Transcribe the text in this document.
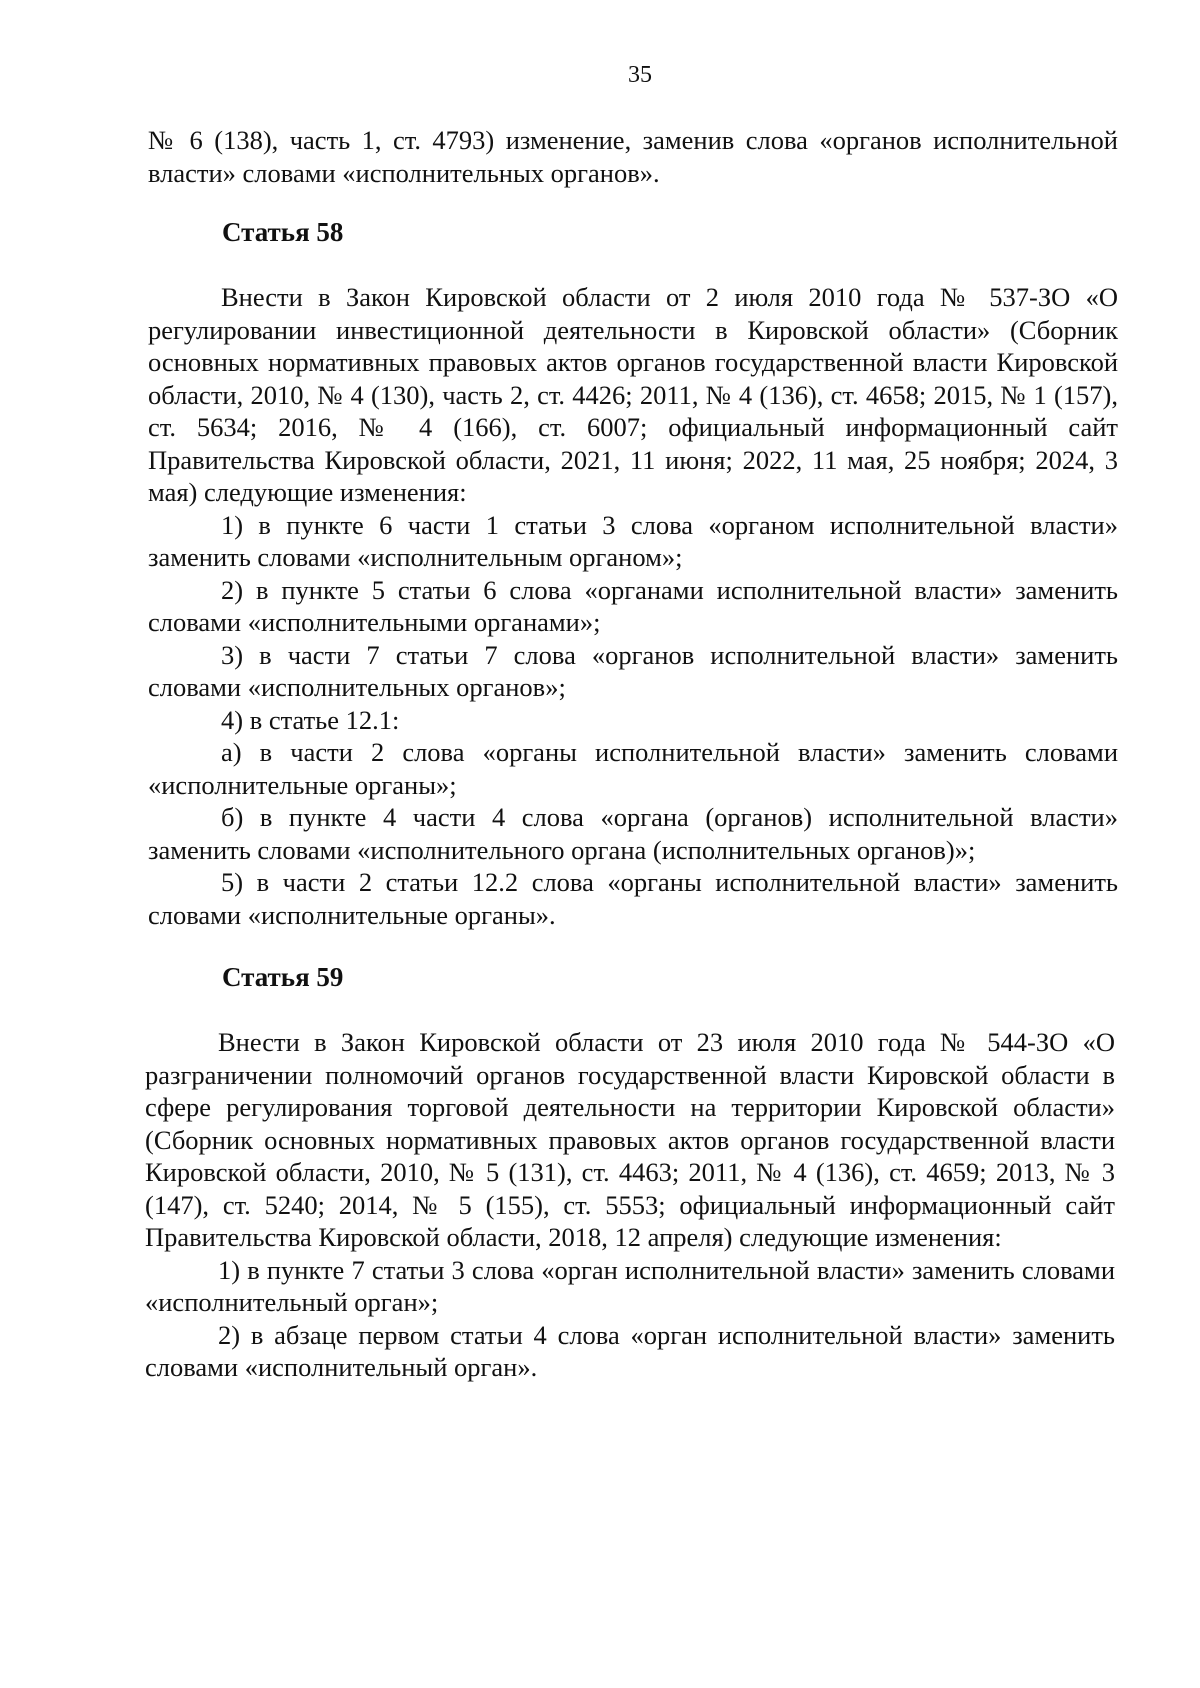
35

№ 6 (138), часть 1, ст. 4793) изменение, заменив слова «органов исполнительной власти» словами «исполнительных органов».

Статья 58

Внести в Закон Кировской области от 2 июля 2010 года № 537-ЗО «О регулировании инвестиционной деятельности в Кировской области» (Сборник основных нормативных правовых актов органов государственной власти Кировской области, 2010, № 4 (130), часть 2, ст. 4426; 2011, № 4 (136), ст. 4658; 2015, № 1 (157), ст. 5634; 2016, № 4 (166), ст. 6007; официальный информационный сайт Правительства Кировской области, 2021, 11 июня; 2022, 11 мая, 25 ноября; 2024, 3 мая) следующие изменения:

1) в пункте 6 части 1 статьи 3 слова «органом исполнительной власти» заменить словами «исполнительным органом»;

2) в пункте 5 статьи 6 слова «органами исполнительной власти» заменить словами «исполнительными органами»;

3) в части 7 статьи 7 слова «органов исполнительной власти» заменить словами «исполнительных органов»;

4) в статье 12.1:

а) в части 2 слова «органы исполнительной власти» заменить словами «исполнительные органы»;

б) в пункте 4 части 4 слова «органа (органов) исполнительной власти» заменить словами «исполнительного органа (исполнительных органов)»;

5) в части 2 статьи 12.2 слова «органы исполнительной власти» заменить словами «исполнительные органы».

Статья 59

Внести в Закон Кировской области от 23 июля 2010 года № 544-ЗО «О разграничении полномочий органов государственной власти Кировской области в сфере регулирования торговой деятельности на территории Кировской области» (Сборник основных нормативных правовых актов органов государственной власти Кировской области, 2010, № 5 (131), ст. 4463; 2011, № 4 (136), ст. 4659; 2013, № 3 (147), ст. 5240; 2014, № 5 (155), ст. 5553; официальный информационный сайт Правительства Кировской области, 2018, 12 апреля) следующие изменения:

1) в пункте 7 статьи 3 слова «орган исполнительной власти» заменить словами «исполнительный орган»;

2) в абзаце первом статьи 4 слова «орган исполнительной власти» заменить словами «исполнительный орган».
